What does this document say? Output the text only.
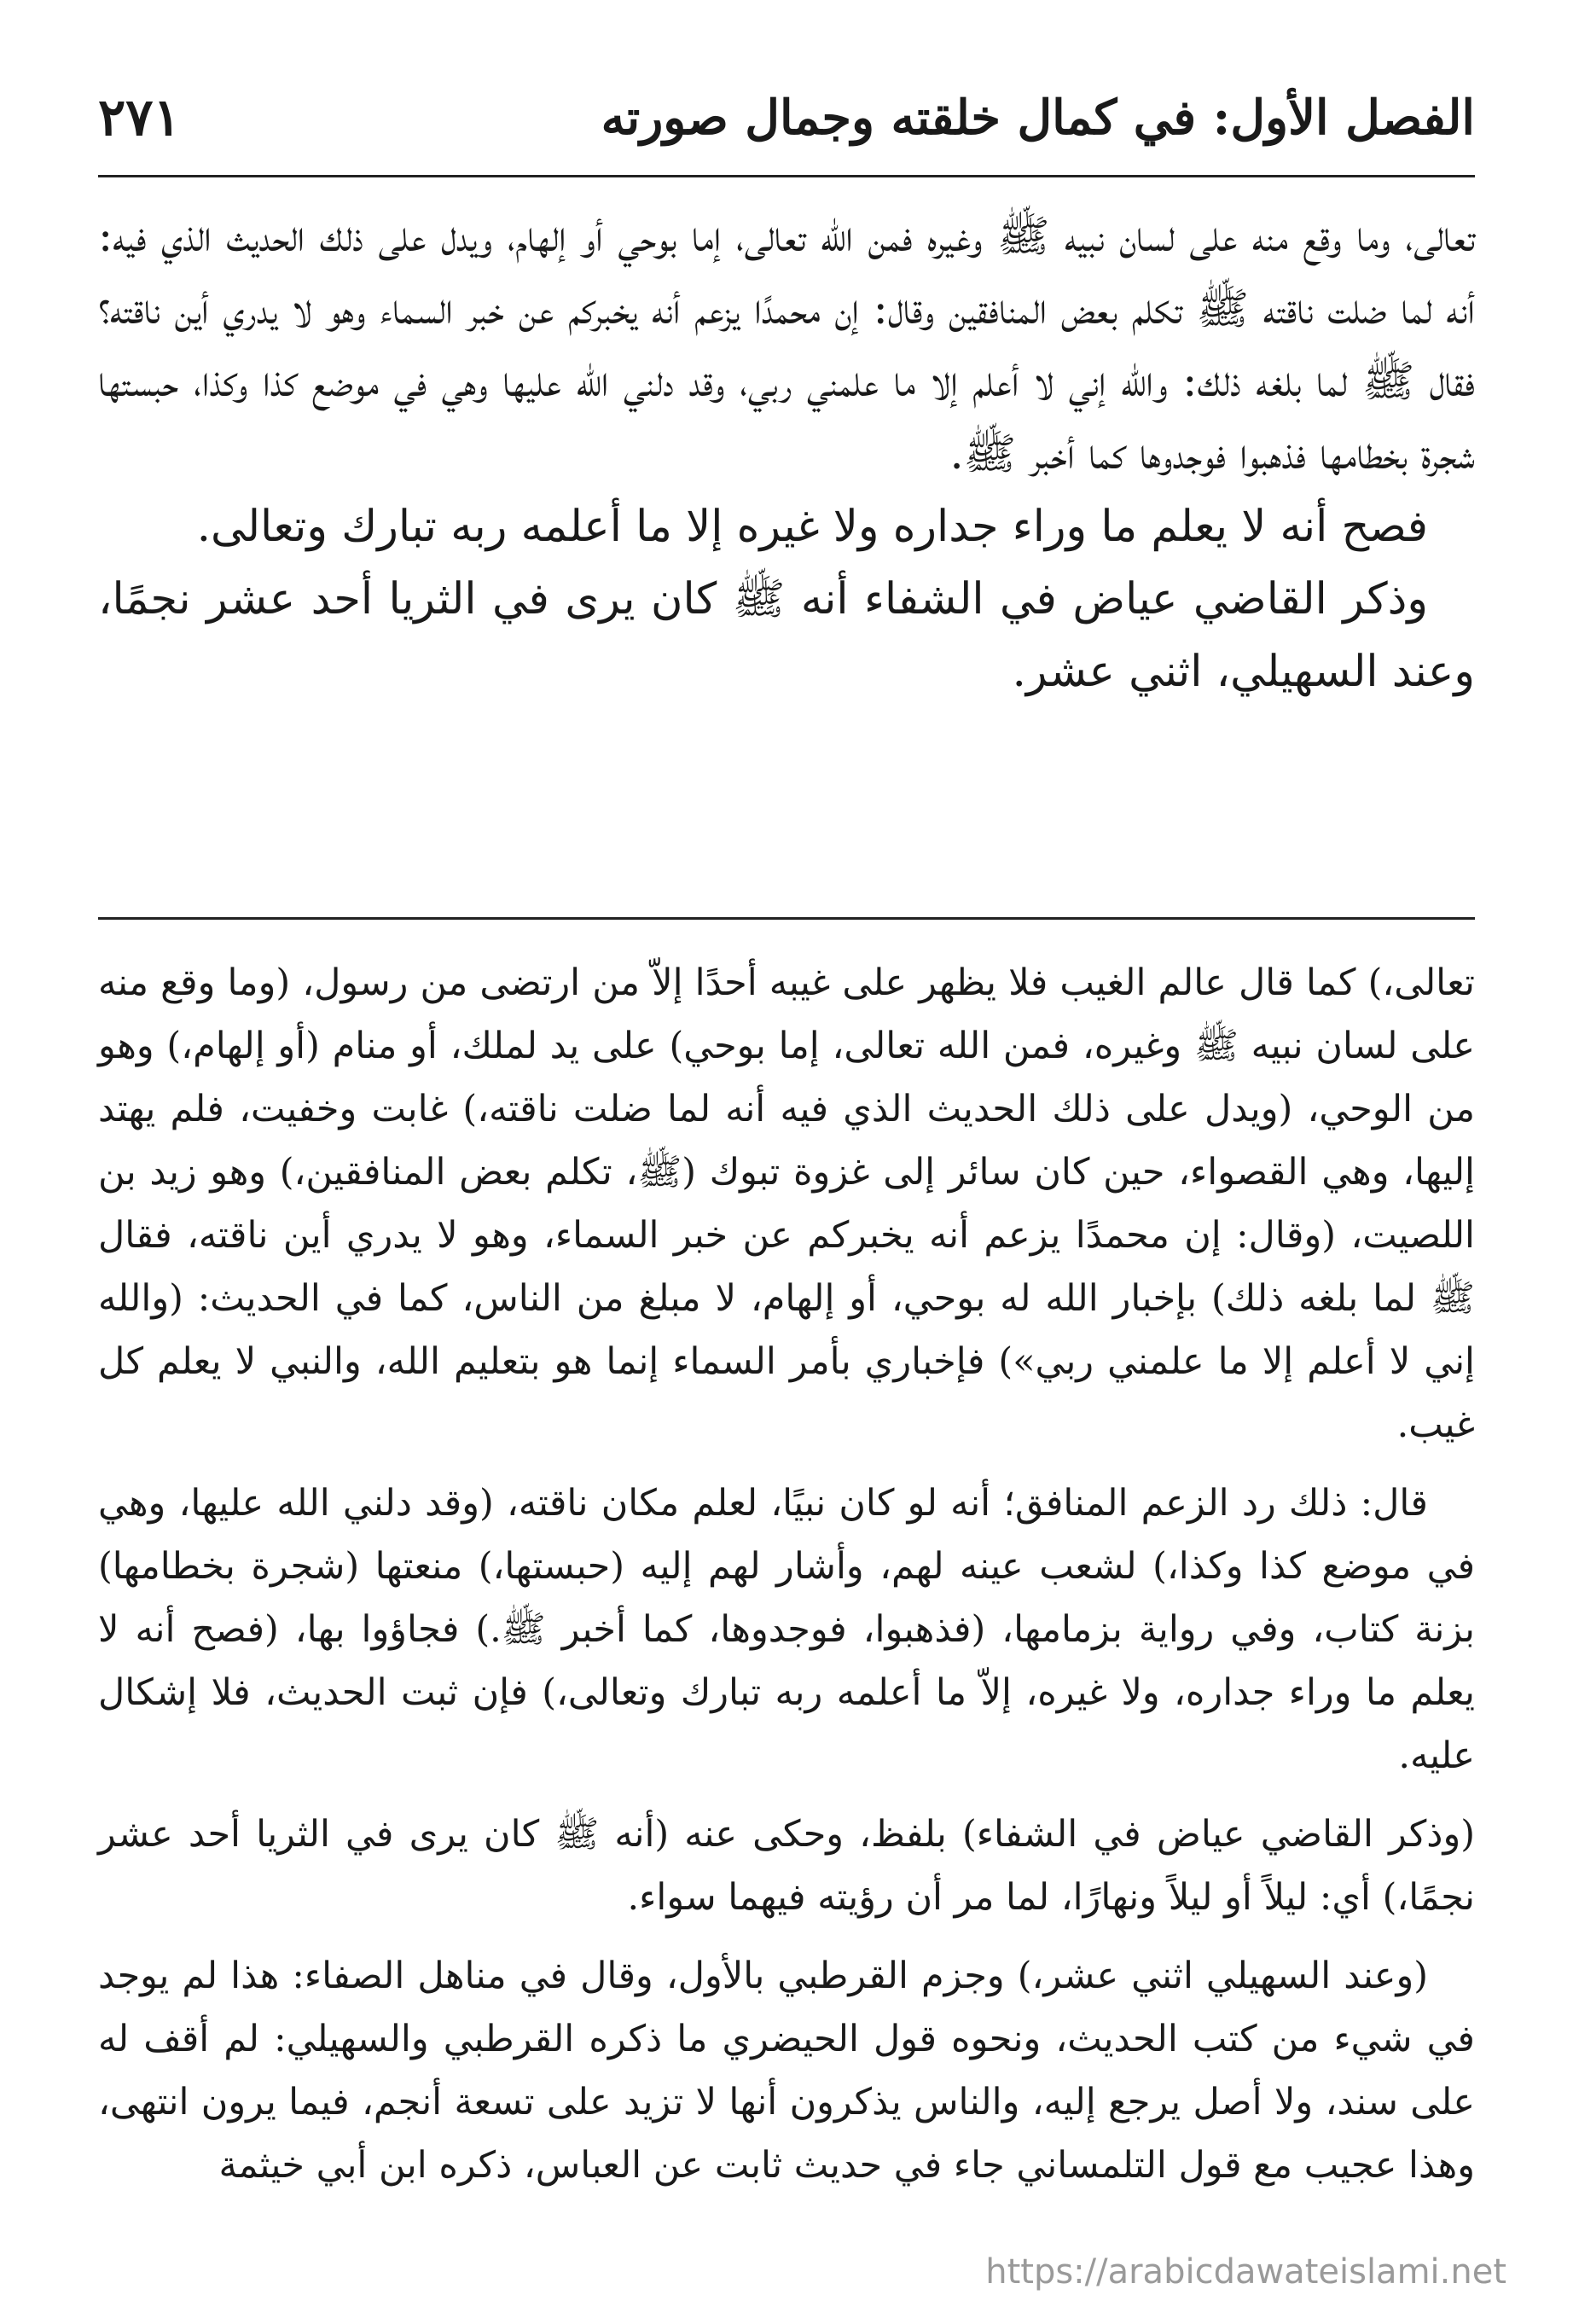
الفصل الأول: في كمال خلقته وجمال صورته
٢٧١

تعالى، وما وقع منه على لسان نبيه ﷺ وغيره فمن الله تعالى، إما بوحي أو إلهام، ويدل على ذلك الحديث الذي فيه: أنه لما ضلت ناقته ﷺ تكلم بعض المنافقين وقال: إن محمدًا يزعم أنه يخبركم عن خبر السماء وهو لا يدري أين ناقته؟ فقال ﷺ لما بلغه ذلك: والله إني لا أعلم إلا ما علمني ربي، وقد دلني الله عليها وهي في موضع كذا وكذا، حبستها شجرة بخطامها فذهبوا فوجدوها كما أخبر ﷺ.

فصح أنه لا يعلم ما وراء جداره ولا غيره إلا ما أعلمه ربه تبارك وتعالى.

وذكر القاضي عياض في الشفاء أنه ﷺ كان يرى في الثريا أحد عشر نجمًا، وعند السهيلي، اثني عشر.

تعالى،) كما قال عالم الغيب فلا يظهر على غيبه أحدًا إلاّ من ارتضى من رسول، (وما وقع منه على لسان نبيه ﷺ وغيره، فمن الله تعالى، إما بوحي) على يد لملك، أو منام (أو إلهام،) وهو من الوحي، (ويدل على ذلك الحديث الذي فيه أنه لما ضلت ناقته،) غابت وخفيت، فلم يهتد إليها، وهي القصواء، حين كان سائر إلى غزوة تبوك (ﷺ، تكلم بعض المنافقين،) وهو زيد بن اللصيت، (وقال: إن محمدًا يزعم أنه يخبركم عن خبر السماء، وهو لا يدري أين ناقته، فقال ﷺ لما بلغه ذلك) بإخبار الله له بوحي، أو إلهام، لا مبلغ من الناس، كما في الحديث: (والله إني لا أعلم إلا ما علمني ربي») فإخباري بأمر السماء إنما هو بتعليم الله، والنبي لا يعلم كل غيب.

قال: ذلك رد الزعم المنافق؛ أنه لو كان نبيًا، لعلم مكان ناقته، (وقد دلني الله عليها، وهي في موضع كذا وكذا،) لشعب عينه لهم، وأشار لهم إليه (حبستها،) منعتها (شجرة بخطامها) بزنة كتاب، وفي رواية بزمامها، (فذهبوا، فوجدوها، كما أخبر ﷺ.) فجاؤوا بها، (فصح أنه لا يعلم ما وراء جداره، ولا غيره، إلاّ ما أعلمه ربه تبارك وتعالى،) فإن ثبت الحديث، فلا إشكال عليه.

(وذكر القاضي عياض في الشفاء) بلفظ، وحكى عنه (أنه ﷺ كان يرى في الثريا أحد عشر نجمًا،) أي: ليلاً أو ليلاً ونهارًا، لما مر أن رؤيته فيهما سواء.

(وعند السهيلي اثني عشر،) وجزم القرطبي بالأول، وقال في مناهل الصفاء: هذا لم يوجد في شيء من كتب الحديث، ونحوه قول الحيضري ما ذكره القرطبي والسهيلي: لم أقف له على سند، ولا أصل يرجع إليه، والناس يذكرون أنها لا تزيد على تسعة أنجم، فيما يرون انتهى، وهذا عجيب مع قول التلمساني جاء في حديث ثابت عن العباس، ذكره ابن أبي خيثمة

https://arabicdawateislami.net
